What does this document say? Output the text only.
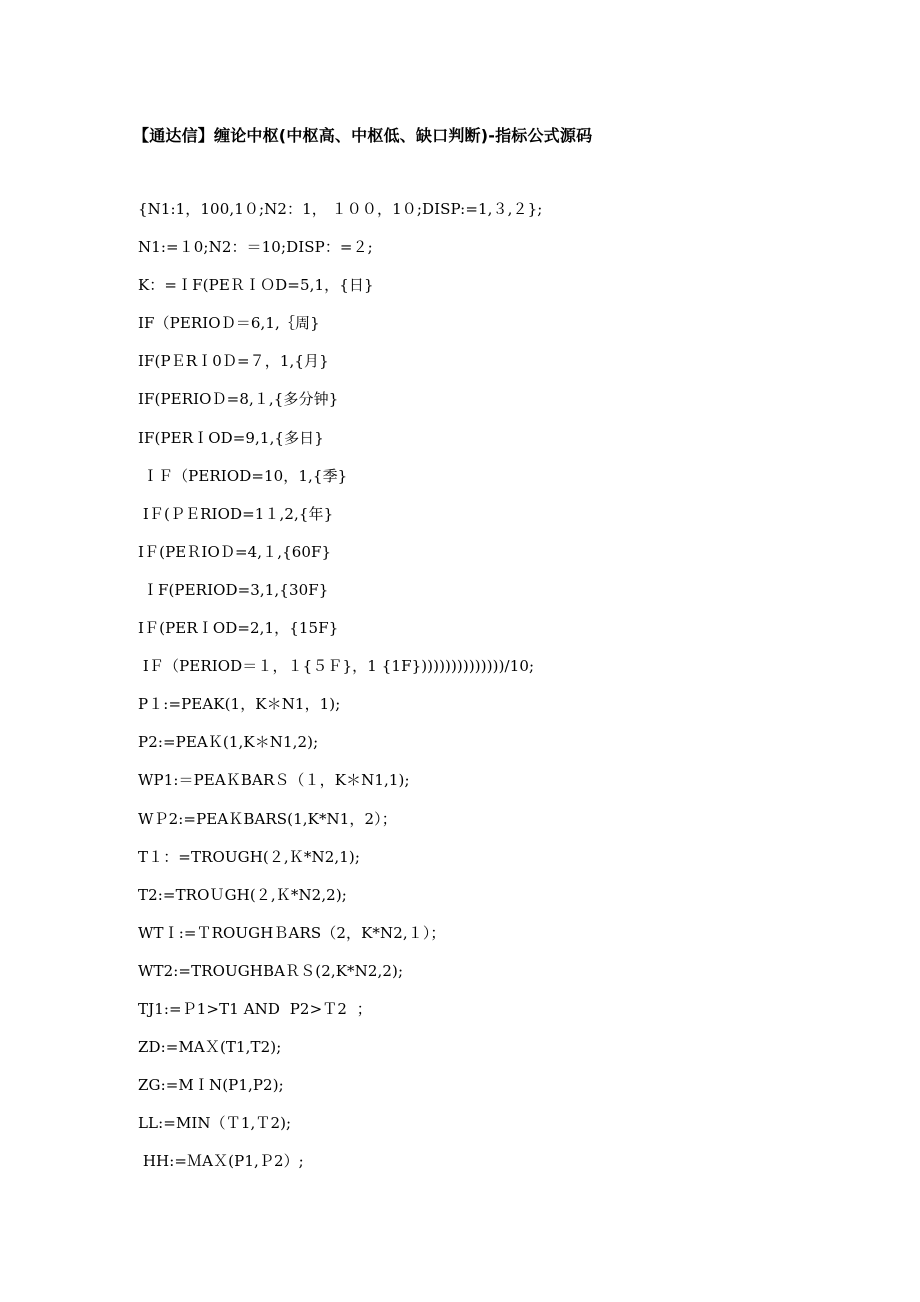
【通达信】缠论中枢(中枢高、中枢低、缺口判断)-指标公式源码
{N1:1，100,1０;N2：1， １００，1０;DISP:=1,３,２};
N1:=１0;N2：＝10;DISP：=２;
K：=ＩF(PEＲＩＯD=5,1，{日}
IF（PERIOＤ＝6,1,｛周}
IF(PＥRＩ0Ｄ=７，1,{月}
IF(PERIOＤ=8,１,{多分钟}
IF(PERＩOD=9,1,{多日}
ＩＦ（PERIOD=10，1,{季}
IＦ(ＰＥRIOD=1１,2,{年}
IＦ(PEＲIOＤ=4,１,{60F}
ＩF(PERIOD=3,1,{30F}
IＦ(PERＩOD=2,1，{15F}
IＦ（PERIOD＝１，１{５Ｆ}，1 {1F}))))))))))))))/10;
P１:=PEAK(1，K＊N1，1);
P2:=PEAＫ(1,K＊N1,2);
WP1:＝PEAＫBARＳ（１，K＊N1,1);
WＰ2:=PEAＫBARS(1,K*N1，2）；
T１：=TROUGH(２,Ｋ*N2,1);
T2:=TROＵGH(２,Ｋ*N2,2);
WTＩ:=ＴROUGHＢARS（2，K*N2,１）；
WT2:=TROUGHBAＲＳ(2,K*N2,2);
TJ1:=Ｐ1>T1 AND  P2>Ｔ2  ；
ZD:=MAＸ(T1,T2);
ZG:=MＩN(P1,P2);
LL:=MIN（Ｔ1,Ｔ2);
HH:=ＭAＸ(P1,Ｐ2）;
